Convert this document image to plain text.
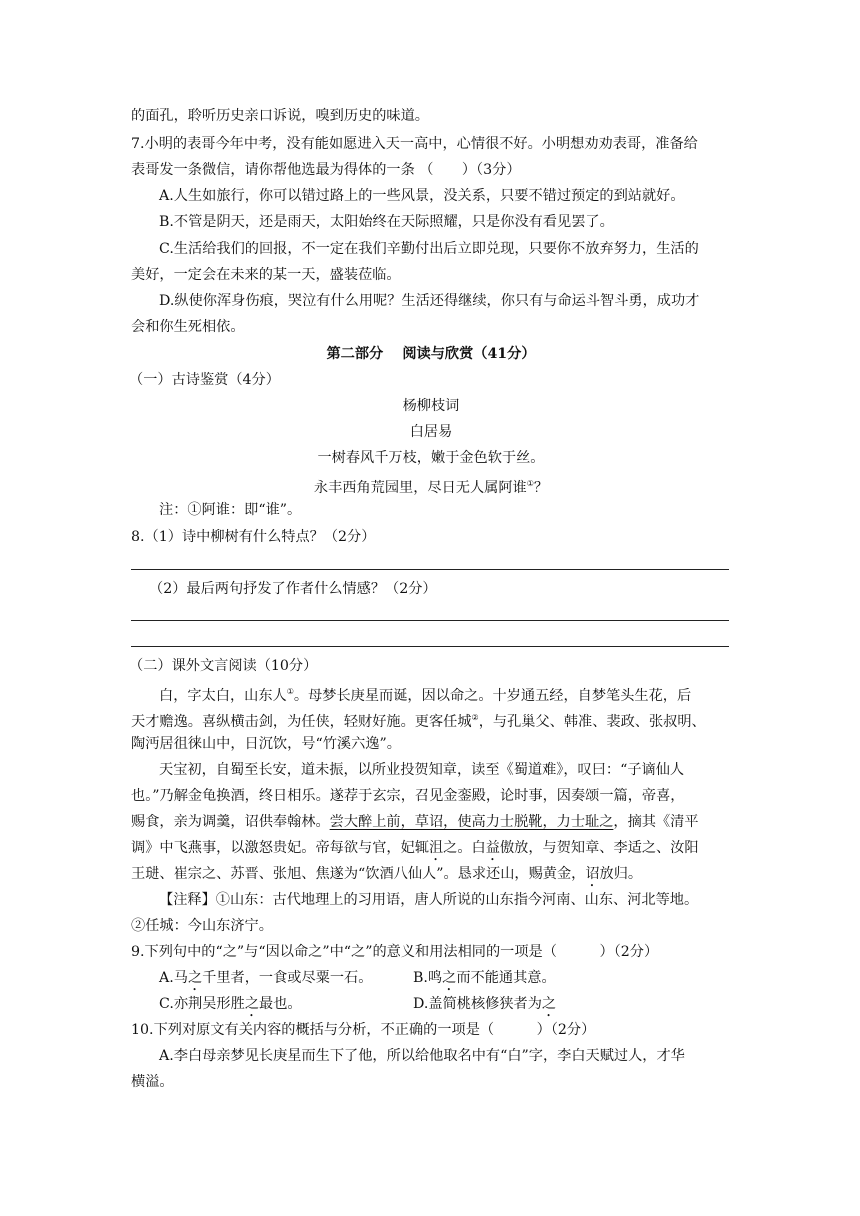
的面孔，聆听历史亲口诉说，嗅到历史的味道。
7.小明的表哥今年中考，没有能如愿进入天一高中，心情很不好。小明想劝劝表哥，准备给
表哥发一条微信，请你帮他选最为得体的一条 （　　）（3分）
A.人生如旅行，你可以错过路上的一些风景，没关系，只要不错过预定的到站就好。
B.不管是阴天，还是雨天，太阳始终在天际照耀，只是你没有看见罢了。
C.生活给我们的回报，不一定在我们辛勤付出后立即兑现，只要你不放弃努力，生活的
美好，一定会在未来的某一天，盛装莅临。
D.纵使你浑身伤痕，哭泣有什么用呢？生活还得继续，你只有与命运斗智斗勇，成功才
会和你生死相依。
第二部分　 阅读与欣赏（41分）
（一）古诗鉴赏（4分）
杨柳枝词
白居易
一树春风千万枝，嫩于金色软于丝。
永丰西角荒园里，尽日无人属阿谁①？
注：①阿谁：即“谁”。
8.（1）诗中柳树有什么特点？（2分）
（2）最后两句抒发了作者什么情感？（2分）
（二）课外文言阅读（10分）
白，字太白，山东人①。母梦长庚星而诞，因以命之。十岁通五经，自梦笔头生花，后
天才赡逸。喜纵横击剑，为任侠，轻财好施。更客任城②，与孔巢父、韩准、裴政、张叔明、
陶沔居徂徕山中，日沉饮，号“竹溪六逸”。
天宝初，自蜀至长安，道未振，以所业投贺知章，读至《蜀道难》，叹曰：“子谪仙人
也。”乃解金龟换酒，终日相乐。遂荐于玄宗，召见金銮殿，论时事，因奏颂一篇，帝喜，
赐食，亲为调羹，诏供奉翰林。尝大醉上前，草诏，使高力士脱靴，力士耻之，摘其《清平
调》中飞燕事，以激怒贵妃。帝每欲与官，妃辄沮之。白益傲放，与贺知章、李适之、汝阳
王琎、崔宗之、苏晋、张旭、焦遂为“饮酒八仙人”。恳求还山，赐黄金，诏放归。
【注释】①山东：古代地理上的习用语，唐人所说的山东指今河南、山东、河北等地。
②任城：今山东济宁。
9.下列句中的“之”与“因以命之”中“之”的意义和用法相同的一项是（　　　）（2分）
A.马之千里者，一食或尽粟一石。	B.鸣之而不能通其意。
C.亦荆吴形胜之最也。	D.盖简桃核修狭者为之
10.下列对原文有关内容的概括与分析，不正确的一项是（　　　）（2分）
A.李白母亲梦见长庚星而生下了他，所以给他取名中有“白”字，李白天赋过人，才华
横溢。
